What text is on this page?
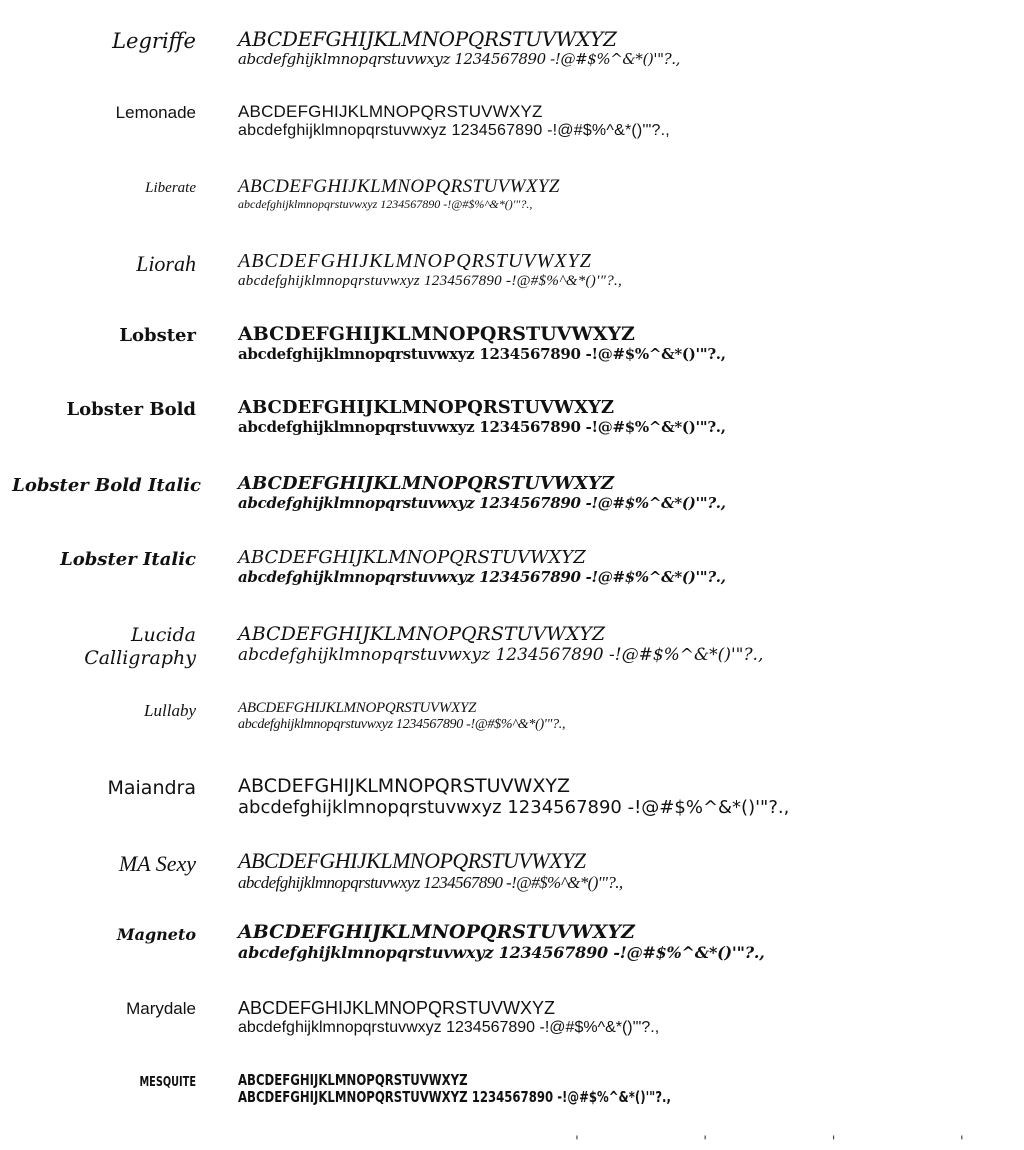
Legriffe ABCDEFGHIJKLMNOPQRSTUVWXYZ
abcdefghijklmnopqrstuvwxyz 1234567890 -!@#$%^&*()'"?.,
Lemonade ABCDEFGHIJKLMNOPQRSTUVWXYZ
abcdefghijklmnopqrstuvwxyz 1234567890 -!@#$%^&*()'"?.,
Liberate ABCDEFGHIJKLMNOPQRSTUVWXYZ
abcdefghijklmnopqrstuvwxyz 1234567890 -!@#$%^&*()'"?.,
Liorah ABCDEFGHIJKLMNOPQRSTUVWXYZ
abcdefghijklmnopqrstuvwxyz 1234567890 -!@#$%^&*()'"?.,
Lobster ABCDEFGHIJKLMNOPQRSTUVWXYZ
abcdefghijklmnopqrstuvwxyz 1234567890 -!@#$%^&*()'"?.,
Lobster Bold ABCDEFGHIJKLMNOPQRSTUVWXYZ
abcdefghijklmnopqrstuvwxyz 1234567890 -!@#$%^&*()'"?.,
Lobster Bold Italic ABCDEFGHIJKLMNOPQRSTUVWXYZ
abcdefghijklmnopqrstuvwxyz 1234567890 -!@#$%^&*()'"?.,
Lobster Italic ABCDEFGHIJKLMNOPQRSTUVWXYZ
abcdefghijklmnopqrstuvwxyz 1234567890 -!@#$%^&*()'"?.,
Lucida Calligraphy
ABCDEFGHIJKLMNOPQRSTUVWXYZ
abcdefghijklmnopqrstuvwxyz 1234567890 -!@#$%^&*()'"?.,
Lullaby	ABCDEFGHIJKLMNOPQRSTUVWXYZ
abcdefghijklmnopqrstuvwxyz 1234567890 -!@#$%^&*()'"?.,
Maiandra ABCDEFGHIJKLMNOPQRSTUVWXYZ
abcdefghijklmnopqrstuvwxyz 1234567890 -!@#$%^&*()'"?.,
MA Sexy ABCDEFGHIJKLMNOPQRSTUVWXYZ
abcdefghijklmnopqrstuvwxyz 1234567890 -!@#$%^&*()'"?.,
Magneto ABCDEFGHIJKLMNOPQRSTUVWXYZ
abcdefghijklmnopqrstuvwxyz 1234567890 -!@#$%^&*()'"?.,
Marydale ABCDEFGHIJKLMNOPQRSTUVWXYZ
abcdefghijklmnopqrstuvwxyz 1234567890 -!@#$%^&*()'"?.,
MESQUITE	ABCDEFGHIJKLMNOPQRSTUVWXYZ
ABCDEFGHIJKLMNOPQRSTUVWXYZ 1234567890 -!@#$%^&*()'"?.,
' ' ' '
